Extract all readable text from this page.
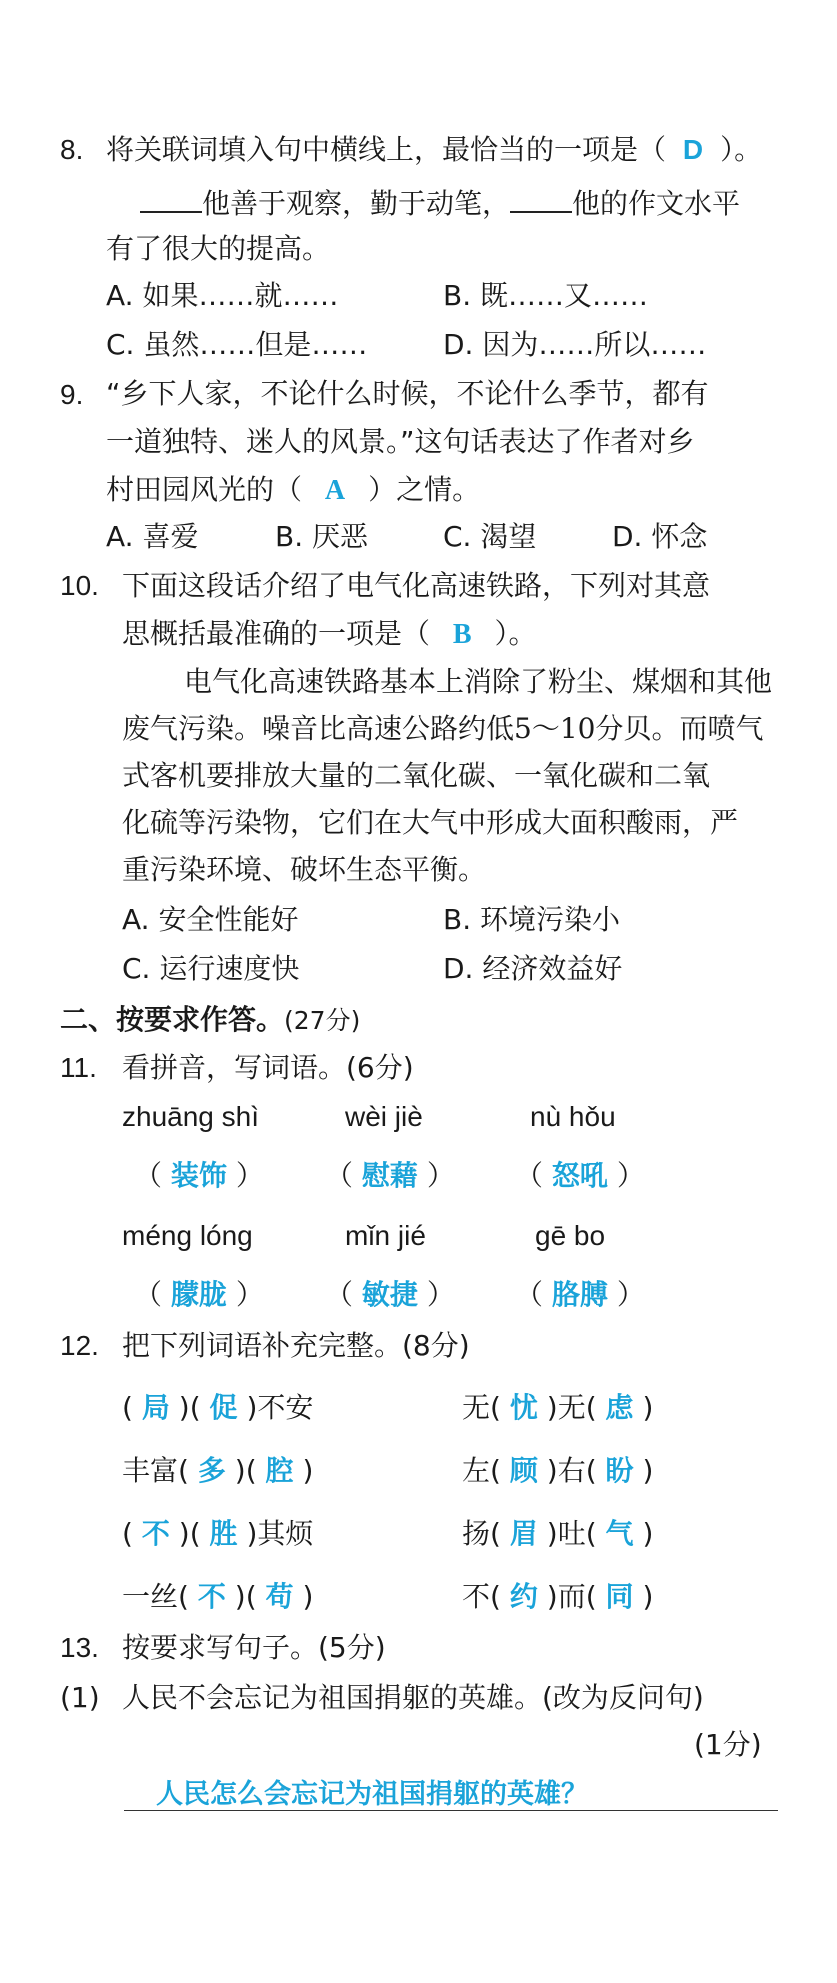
8. 将关联词填入句中横线上，最恰当的一项是（ D ）。
他善于观察，勤于动笔， 他的作文水平
有了很大的提高。
A. 如果……就……	B. 既……又……
C. 虽然……但是……	D. 因为……所以……
9. “乡下人家，不论什么时候，不论什么季节，都有
一道独特、迷人的风景。”这句话表达了作者对乡
村田园风光的（ A ）之情。
A. 喜爱	B. 厌恶	C. 渴望	D. 怀念
10. 下面这段话介绍了电气化高速铁路，下列对其意
思概括最准确的一项是（ B ）。
电气化高速铁路基本上消除了粉尘、煤烟和其他
废气污染。噪音比高速公路约低5～10分贝。而喷气
式客机要排放大量的二氧化碳、一氧化碳和二氧
化硫等污染物，它们在大气中形成大面积酸雨，严
重污染环境、破坏生态平衡。
A. 安全性能好	B. 环境污染小
C. 运行速度快	D. 经济效益好
二、按要求作答。(27分)
11. 看拼音，写词语。(6分)
zhuāng shì	wèi jiè	nù hǒu
（ 装饰 ） （ 慰藉 ） （ 怒吼 ）
méng lóng	mǐn jié	gē bo
（ 朦胧 ） （ 敏捷 ） （ 胳膊 ）
12. 把下列词语补充完整。(8分)
( 局 )( 促 )不安	无( 忧 )无( 虑 )
丰富( 多 )( 腔 )	左( 顾 )右( 盼 )
( 不 )( 胜 )其烦	扬( 眉 )吐( 气 )
一丝( 不 )( 苟 )	不( 约 )而( 同 )
13. 按要求写句子。(5分)
(1) 人民不会忘记为祖国捐躯的英雄。(改为反问句)
(1分)
人民怎么会忘记为祖国捐躯的英雄？
